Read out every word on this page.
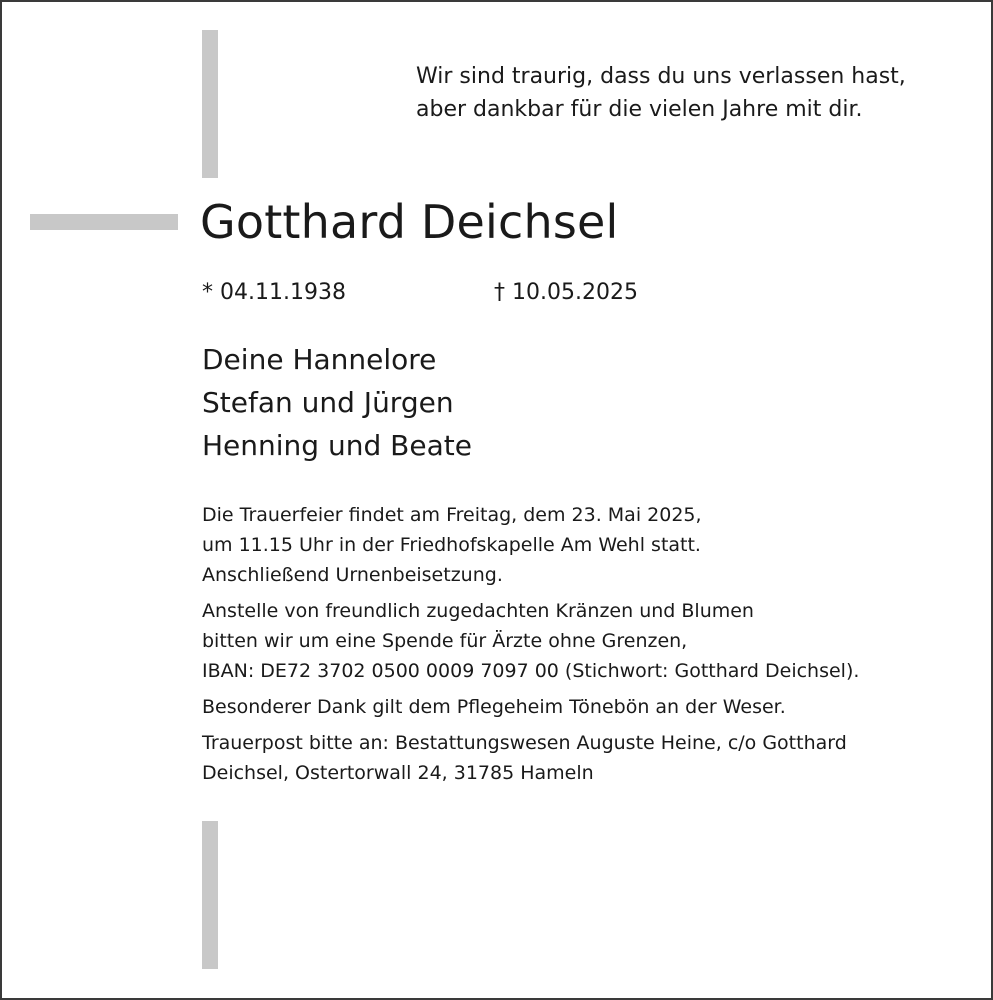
Wir sind traurig, dass du uns verlassen hast,
aber dankbar für die vielen Jahre mit dir.
Gotthard Deichsel
* 04.11.1938	† 10.05.2025
Deine Hannelore
Stefan und Jürgen
Henning und Beate
Die Trauerfeier findet am Freitag, dem 23. Mai 2025,
um 11.15 Uhr in der Friedhofskapelle Am Wehl statt.
Anschließend Urnenbeisetzung.
Anstelle von freundlich zugedachten Kränzen und Blumen
bitten wir um eine Spende für Ärzte ohne Grenzen,
IBAN: DE72 3702 0500 0009 7097 00 (Stichwort: Gotthard Deichsel).
Besonderer Dank gilt dem Pflegeheim Tönebön an der Weser.
Trauerpost bitte an: Bestattungswesen Auguste Heine, c/o Gotthard
Deichsel, Ostertorwall 24, 31785 Hameln
